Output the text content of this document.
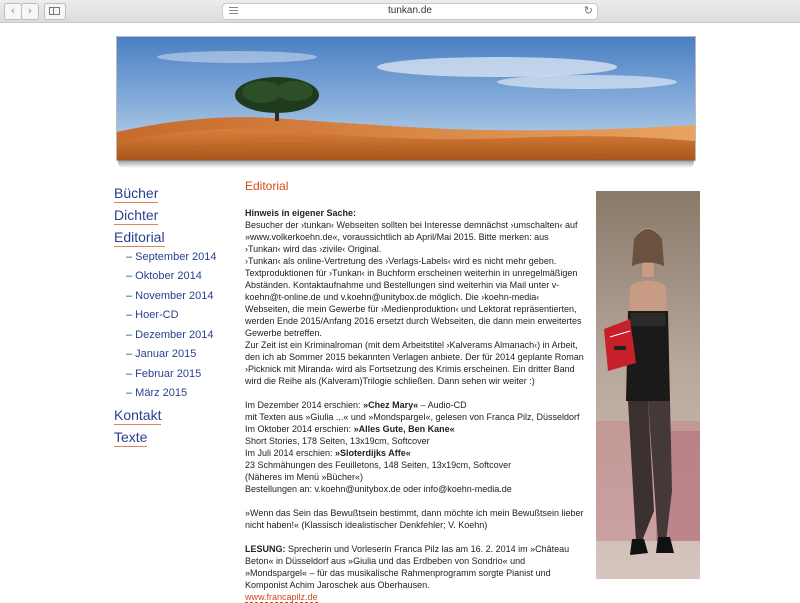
‹	›	tunkan.de	↻
Bücher
Dichter
Editorial
– September 2014
– Oktober 2014
– November 2014
– Hoer-CD
– Dezember 2014
– Januar 2015
– Februar 2015
– März 2015
Kontakt
Texte
Editorial

Hinweis in eigener Sache:

Besucher der ›tunkan‹ Webseiten sollten bei Interesse demnächst ›umschalten‹ auf »www.volkerkoehn.de«, voraussichtlich ab April/Mai 2015. Bitte merken: aus ›Tunkan‹ wird das ›zivile‹ Original.

›Tunkan‹ als online-Vertretung des ›Verlags-Labels‹ wird es nicht mehr geben. Textproduktionen für ›Tunkan‹ in Buchform erscheinen weiterhin in unregelmäßigen Abständen. Kontaktaufnahme und Bestellungen sind weiterhin via Mail unter v-koehn@t-online.de und v.koehn@unitybox.de möglich. Die ›koehn-media‹ Webseiten, die mein Gewerbe für ›Medienproduktion‹ und Lektorat repräsentierten, werden Ende 2015/Anfang 2016 ersetzt durch Webseiten, die dann mein erweitertes Gewerbe betreffen.

Zur Zeit ist ein Kriminalroman (mit dem Arbeitstitel ›Kalverams Almanach‹) in Arbeit, den ich ab Sommer 2015 bekannten Verlagen anbiete. Der für 2014 geplante Roman ›Picknick mit Miranda‹ wird als Fortsetzung des Krimis erscheinen. Ein dritter Band wird die Reihe als (Kalveram)Trilogie schließen. Dann sehen wir weiter :)

Im Dezember 2014 erschien: »Chez Mary« – Audio-CD

mit Texten aus »Giulia ...« und »Mondspargel«, gelesen von Franca Pilz, Düsseldorf

Im Oktober 2014 erschien: »Alles Gute, Ben Kane«

Short Stories, 178 Seiten, 13x19cm, Softcover

Im Juli 2014 erschien: »Sloterdijks Affe«

23 Schmähungen des Feuilletons, 148 Seiten, 13x19cm, Softcover

(Näheres im Menü »Bücher«)

Bestellungen an: v.koehn@unitybox.de oder info@koehn-media.de

»Wenn das Sein das Bewußtsein bestimmt, dann möchte ich mein Bewußtsein lieber nicht haben!« (Klassisch idealistischer Denkfehler; V. Koehn)

LESUNG: Sprecherin und Vorleserin Franca Pilz las am 16. 2. 2014 im »Château Beton« in Düsseldorf aus »Giulia und das Erdbeben von Sondrio« und »Mondspargel« – für das musikalische Rahmenprogramm sorgte Pianist und Komponist Achim Jaroschek aus Oberhausen.

www.francapilz.de
